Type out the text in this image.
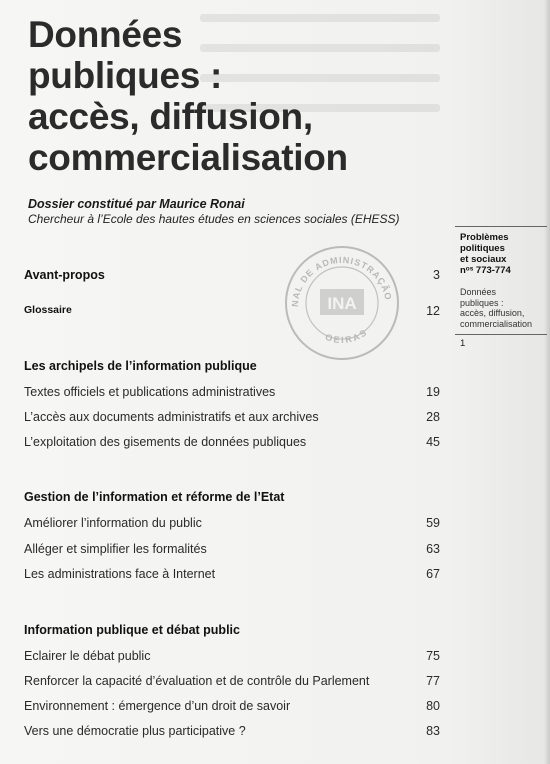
Données
publiques :
accès, diffusion,
commercialisation
Dossier constitué par Maurice Ronai
Chercheur à l’Ecole des hautes études en sciences sociales (EHESS)
Avant-propos	3
Glossaire	12
Les archipels de l’information publique
Textes officiels et publications administratives	19
L’accès aux documents administratifs et aux archives	28
L’exploitation des gisements de données publiques	45
Gestion de l’information et réforme de l’Etat
Améliorer l’information du public	59
Alléger et simplifier les formalités	63
Les administrations face à Internet	67
Information publique et débat public
Eclairer le débat public	75
Renforcer la capacité d’évaluation et de contrôle du Parlement	77
Environnement : émergence d’un droit de savoir	80
Vers une démocratie plus participative ?	83
Problèmes
politiques
et sociaux
nᵒˢ 773-774
Données
publiques :
accès, diffusion,
commercialisation
1
NAL DE ADMINISTRAÇÃO
OEIRAS
INA
